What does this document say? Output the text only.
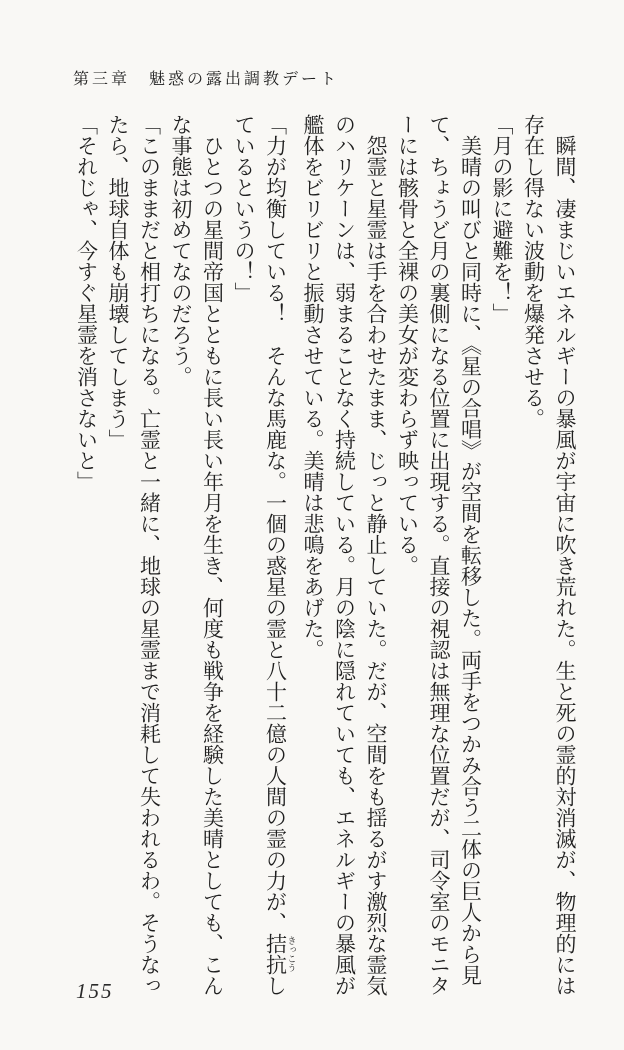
第三章　魅惑の露出調教デート

瞬間、凄まじいエネルギーの暴風が宇宙に吹き荒れた。生と死の霊的対消滅が、物理的には存在し得ない波動を爆発させる。

「月の影に避難を！」

美晴の叫びと同時に、《星の合唱》が空間を転移した。両手をつかみ合う二体の巨人から見て、ちょうど月の裏側になる位置に出現する。直接の視認は無理な位置だが、司令室のモニターには骸骨と全裸の美女が変わらず映っている。

怨霊と星霊は手を合わせたまま、じっと静止していた。だが、空間をも揺るがす激烈な霊気のハリケーンは、弱まることなく持続している。月の陰に隠れていても、エネルギーの暴風が艦体をビリビリと振動させている。美晴は悲鳴をあげた。

「力が均衡している！　そんな馬鹿な。一個の惑星の霊と八十二億の人間の霊の力が、拮抗 きっこうしているというの！」

ひとつの星間帝国とともに長い長い年月を生き、何度も戦争を経験した美晴としても、こんな事態は初めてなのだろう。

「このままだと相打ちになる。亡霊と一緒に、地球の星霊まで消耗して失われるわ。そうなったら、地球自体も崩壊してしまう」

「それじゃ、今すぐ星霊を消さないと」

155
